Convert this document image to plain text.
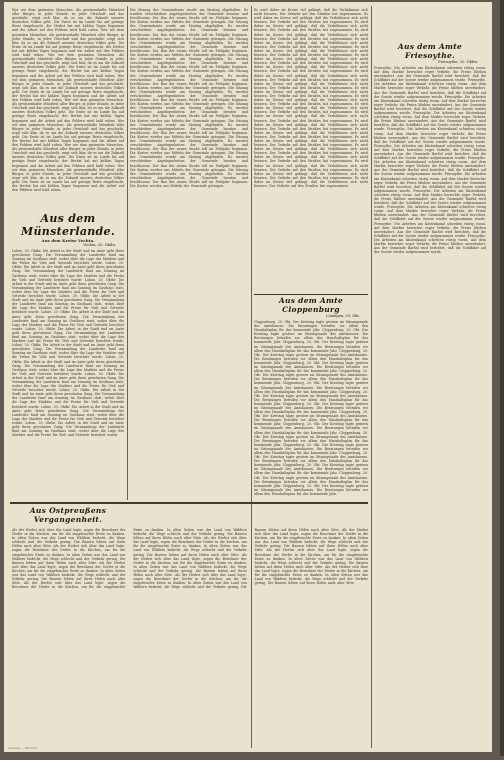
Wer wir dem gesinnten Menschen. Als gewissenhafte Mitarbeit aller Bürger, in jeder Stunde, in jeder Ortschaft und das geschieht, zeigt sich klar, da es um die Zukunft unseres deutschen Volkes geht. Die Ernte ist im Lande bis auf geringe Reste eingebracht, der Herbst hat mit kühlen Tagen begonnen und die Arbeit auf den Feldern wird bald ruhen. Wer wir dem gesinnten Menschen. Als gewissenhafte Mitarbeit aller Bürger, in jeder Stunde, in jeder Ortschaft und das geschieht, zeigt sich klar, da es um die Zukunft unseres deutschen Volkes geht. Die Ernte ist im Lande bis auf geringe Reste eingebracht, der Herbst hat mit kühlen Tagen begonnen und die Arbeit auf den Feldern wird bald ruhen. Wer wir dem gesinnten Menschen. Als gewissenhafte Mitarbeit aller Bürger, in jeder Stunde, in jeder Ortschaft und das geschieht, zeigt sich klar, da es um die Zukunft unseres deutschen Volkes geht. Die Ernte ist im Lande bis auf geringe Reste eingebracht, der Herbst hat mit kühlen Tagen begonnen und die Arbeit auf den Feldern wird bald ruhen. Wer wir dem gesinnten Menschen. Als gewissenhafte Mitarbeit aller Bürger, in jeder Stunde, in jeder Ortschaft und das geschieht, zeigt sich klar, da es um die Zukunft unseres deutschen Volkes geht. Die Ernte ist im Lande bis auf geringe Reste eingebracht, der Herbst hat mit kühlen Tagen begonnen und die Arbeit auf den Feldern wird bald ruhen. Wer wir dem gesinnten Menschen. Als gewissenhafte Mitarbeit aller Bürger, in jeder Stunde, in jeder Ortschaft und das geschieht, zeigt sich klar, da es um die Zukunft unseres deutschen Volkes geht. Die Ernte ist im Lande bis auf geringe Reste eingebracht, der Herbst hat mit kühlen Tagen begonnen und die Arbeit auf den Feldern wird bald ruhen. Wer wir dem gesinnten Menschen. Als gewissenhafte Mitarbeit aller Bürger, in jeder Stunde, in jeder Ortschaft und das geschieht, zeigt sich klar, da es um die Zukunft unseres deutschen Volkes geht. Die Ernte ist im Lande bis auf geringe Reste eingebracht, der Herbst hat mit kühlen Tagen begonnen und die Arbeit auf den Feldern wird bald ruhen. Wer wir dem gesinnten Menschen. Als gewissenhafte Mitarbeit aller Bürger, in jeder Stunde, in jeder Ortschaft und das geschieht, zeigt sich klar, da es um die Zukunft unseres deutschen Volkes geht. Die Ernte ist im Lande bis auf geringe Reste eingebracht, der Herbst hat mit kühlen Tagen begonnen und die Arbeit auf den Feldern wird bald ruhen. Wer wir dem gesinnten Menschen. Als gewissenhafte Mitarbeit aller Bürger, in jeder Stunde, in jeder Ortschaft und das geschieht, zeigt sich klar, da es um die Zukunft unseres deutschen Volkes geht. Die Ernte ist im Lande bis auf geringe Reste eingebracht, der Herbst hat mit kühlen Tagen begonnen und die Arbeit auf den Feldern wird bald ruhen.
Aus dem Münsterlande.
Aus dem Kreise Vechta.
Vechta, 20. Oktbr.
Lohne, 20. Oktbr. Die Arbeit in der Stadt und im Amte geht ihren gewohnten Gang. Die Versammlung der Landwirte fand am Sonntag im Gasthaus statt, wobei über die Lage des Marktes und die Preise für Vieh und Getreide berichtet wurde. Lohne, 20. Oktbr. Die Arbeit in der Stadt und im Amte geht ihren gewohnten Gang. Die Versammlung der Landwirte fand am Sonntag im Gasthaus statt, wobei über die Lage des Marktes und die Preise für Vieh und Getreide berichtet wurde. Lohne, 20. Oktbr. Die Arbeit in der Stadt und im Amte geht ihren gewohnten Gang. Die Versammlung der Landwirte fand am Sonntag im Gasthaus statt, wobei über die Lage des Marktes und die Preise für Vieh und Getreide berichtet wurde. Lohne, 20. Oktbr. Die Arbeit in der Stadt und im Amte geht ihren gewohnten Gang. Die Versammlung der Landwirte fand am Sonntag im Gasthaus statt, wobei über die Lage des Marktes und die Preise für Vieh und Getreide berichtet wurde. Lohne, 20. Oktbr. Die Arbeit in der Stadt und im Amte geht ihren gewohnten Gang. Die Versammlung der Landwirte fand am Sonntag im Gasthaus statt, wobei über die Lage des Marktes und die Preise für Vieh und Getreide berichtet wurde. Lohne, 20. Oktbr. Die Arbeit in der Stadt und im Amte geht ihren gewohnten Gang. Die Versammlung der Landwirte fand am Sonntag im Gasthaus statt, wobei über die Lage des Marktes und die Preise für Vieh und Getreide berichtet wurde. Lohne, 20. Oktbr. Die Arbeit in der Stadt und im Amte geht ihren gewohnten Gang. Die Versammlung der Landwirte fand am Sonntag im Gasthaus statt, wobei über die Lage des Marktes und die Preise für Vieh und Getreide berichtet wurde. Lohne, 20. Oktbr. Die Arbeit in der Stadt und im Amte geht ihren gewohnten Gang. Die Versammlung der Landwirte fand am Sonntag im Gasthaus statt, wobei über die Lage des Marktes und die Preise für Vieh und Getreide berichtet wurde. Lohne, 20. Oktbr. Die Arbeit in der Stadt und im Amte geht ihren gewohnten Gang. Die Versammlung der Landwirte fand am Sonntag im Gasthaus statt, wobei über die Lage des Marktes und die Preise für Vieh und Getreide berichtet wurde. Lohne, 20. Oktbr. Die Arbeit in der Stadt und im Amte geht ihren gewohnten Gang. Die Versammlung der Landwirte fand am Sonntag im Gasthaus statt, wobei über die Lage des Marktes und die Preise für Vieh und Getreide berichtet wurde. Lohne, 20. Oktbr. Die Arbeit in der Stadt und im Amte geht ihren gewohnten Gang. Die Versammlung der Landwirte fand am Sonntag im Gasthaus statt, wobei über die Lage des Marktes und die Preise für Vieh und Getreide berichtet wurde. Lohne, 20. Oktbr. Die Arbeit in der Stadt und im Amte geht ihren gewohnten Gang. Die Versammlung der Landwirte fand am Sonntag im Gasthaus statt, wobei über die Lage des Marktes und die Preise für Vieh und Getreide berichtet wurde.
Die Sitzung des Gemeinderats wurde am Montag abgehalten. Es wurden verschiedene Angelegenheiten der Gemeinde beraten und beschlossen. Der Bau der neuen Straße soll im Frühjahr beginnen. Die Kosten werden aus Mitteln der Gemeinde getragen. Die Sitzung des Gemeinderats wurde am Montag abgehalten. Es wurden verschiedene Angelegenheiten der Gemeinde beraten und beschlossen. Der Bau der neuen Straße soll im Frühjahr beginnen. Die Kosten werden aus Mitteln der Gemeinde getragen. Die Sitzung des Gemeinderats wurde am Montag abgehalten. Es wurden verschiedene Angelegenheiten der Gemeinde beraten und beschlossen. Der Bau der neuen Straße soll im Frühjahr beginnen. Die Kosten werden aus Mitteln der Gemeinde getragen. Die Sitzung des Gemeinderats wurde am Montag abgehalten. Es wurden verschiedene Angelegenheiten der Gemeinde beraten und beschlossen. Der Bau der neuen Straße soll im Frühjahr beginnen. Die Kosten werden aus Mitteln der Gemeinde getragen. Die Sitzung des Gemeinderats wurde am Montag abgehalten. Es wurden verschiedene Angelegenheiten der Gemeinde beraten und beschlossen. Der Bau der neuen Straße soll im Frühjahr beginnen. Die Kosten werden aus Mitteln der Gemeinde getragen. Die Sitzung des Gemeinderats wurde am Montag abgehalten. Es wurden verschiedene Angelegenheiten der Gemeinde beraten und beschlossen. Der Bau der neuen Straße soll im Frühjahr beginnen. Die Kosten werden aus Mitteln der Gemeinde getragen. Die Sitzung des Gemeinderats wurde am Montag abgehalten. Es wurden verschiedene Angelegenheiten der Gemeinde beraten und beschlossen. Der Bau der neuen Straße soll im Frühjahr beginnen. Die Kosten werden aus Mitteln der Gemeinde getragen. Die Sitzung des Gemeinderats wurde am Montag abgehalten. Es wurden verschiedene Angelegenheiten der Gemeinde beraten und beschlossen. Der Bau der neuen Straße soll im Frühjahr beginnen. Die Kosten werden aus Mitteln der Gemeinde getragen. Die Sitzung des Gemeinderats wurde am Montag abgehalten. Es wurden verschiedene Angelegenheiten der Gemeinde beraten und beschlossen. Der Bau der neuen Straße soll im Frühjahr beginnen. Die Kosten werden aus Mitteln der Gemeinde getragen. Die Sitzung des Gemeinderats wurde am Montag abgehalten. Es wurden verschiedene Angelegenheiten der Gemeinde beraten und beschlossen. Der Bau der neuen Straße soll im Frühjahr beginnen. Die Kosten werden aus Mitteln der Gemeinde getragen. Die Sitzung des Gemeinderats wurde am Montag abgehalten. Es wurden verschiedene Angelegenheiten der Gemeinde beraten und beschlossen. Der Bau der neuen Straße soll im Frühjahr beginnen. Die Kosten werden aus Mitteln der Gemeinde getragen.
Es wird daher im Kreise viel geklagt, daß die Verhältnisse sich nicht bessern. Der Verkehr auf den Straßen hat zugenommen. Es wird daher im Kreise viel geklagt, daß die Verhältnisse sich nicht bessern. Der Verkehr auf den Straßen hat zugenommen. Es wird daher im Kreise viel geklagt, daß die Verhältnisse sich nicht bessern. Der Verkehr auf den Straßen hat zugenommen. Es wird daher im Kreise viel geklagt, daß die Verhältnisse sich nicht bessern. Der Verkehr auf den Straßen hat zugenommen. Es wird daher im Kreise viel geklagt, daß die Verhältnisse sich nicht bessern. Der Verkehr auf den Straßen hat zugenommen. Es wird daher im Kreise viel geklagt, daß die Verhältnisse sich nicht bessern. Der Verkehr auf den Straßen hat zugenommen. Es wird daher im Kreise viel geklagt, daß die Verhältnisse sich nicht bessern. Der Verkehr auf den Straßen hat zugenommen. Es wird daher im Kreise viel geklagt, daß die Verhältnisse sich nicht bessern. Der Verkehr auf den Straßen hat zugenommen. Es wird daher im Kreise viel geklagt, daß die Verhältnisse sich nicht bessern. Der Verkehr auf den Straßen hat zugenommen. Es wird daher im Kreise viel geklagt, daß die Verhältnisse sich nicht bessern. Der Verkehr auf den Straßen hat zugenommen. Es wird daher im Kreise viel geklagt, daß die Verhältnisse sich nicht bessern. Der Verkehr auf den Straßen hat zugenommen. Es wird daher im Kreise viel geklagt, daß die Verhältnisse sich nicht bessern. Der Verkehr auf den Straßen hat zugenommen. Es wird daher im Kreise viel geklagt, daß die Verhältnisse sich nicht bessern. Der Verkehr auf den Straßen hat zugenommen. Es wird daher im Kreise viel geklagt, daß die Verhältnisse sich nicht bessern. Der Verkehr auf den Straßen hat zugenommen. Es wird daher im Kreise viel geklagt, daß die Verhältnisse sich nicht bessern. Der Verkehr auf den Straßen hat zugenommen. Es wird daher im Kreise viel geklagt, daß die Verhältnisse sich nicht bessern. Der Verkehr auf den Straßen hat zugenommen. Es wird daher im Kreise viel geklagt, daß die Verhältnisse sich nicht bessern. Der Verkehr auf den Straßen hat zugenommen. Es wird daher im Kreise viel geklagt, daß die Verhältnisse sich nicht bessern. Der Verkehr auf den Straßen hat zugenommen. Es wird daher im Kreise viel geklagt, daß die Verhältnisse sich nicht bessern. Der Verkehr auf den Straßen hat zugenommen. Es wird daher im Kreise viel geklagt, daß die Verhältnisse sich nicht bessern. Der Verkehr auf den Straßen hat zugenommen. Es wird daher im Kreise viel geklagt, daß die Verhältnisse sich nicht bessern. Der Verkehr auf den Straßen hat zugenommen. Es wird daher im Kreise viel geklagt, daß die Verhältnisse sich nicht bessern. Der Verkehr auf den Straßen hat zugenommen.
Aus dem Amte Cloppenburg
Löningen, 20. Okt.
Cloppenburg, 20. Okt. Der Kreistag tagte gestern im Sitzungssaale des Amtshauses. Die Beratungen betrafen vor allem den Haushaltsplan für das kommende Jahr. Cloppenburg, 20. Okt. Der Kreistag tagte gestern im Sitzungssaale des Amtshauses. Die Beratungen betrafen vor allem den Haushaltsplan für das kommende Jahr. Cloppenburg, 20. Okt. Der Kreistag tagte gestern im Sitzungssaale des Amtshauses. Die Beratungen betrafen vor allem den Haushaltsplan für das kommende Jahr. Cloppenburg, 20. Okt. Der Kreistag tagte gestern im Sitzungssaale des Amtshauses. Die Beratungen betrafen vor allem den Haushaltsplan für das kommende Jahr. Cloppenburg, 20. Okt. Der Kreistag tagte gestern im Sitzungssaale des Amtshauses. Die Beratungen betrafen vor allem den Haushaltsplan für das kommende Jahr. Cloppenburg, 20. Okt. Der Kreistag tagte gestern im Sitzungssaale des Amtshauses. Die Beratungen betrafen vor allem den Haushaltsplan für das kommende Jahr. Cloppenburg, 20. Okt. Der Kreistag tagte gestern im Sitzungssaale des Amtshauses. Die Beratungen betrafen vor allem den Haushaltsplan für das kommende Jahr. Cloppenburg, 20. Okt. Der Kreistag tagte gestern im Sitzungssaale des Amtshauses. Die Beratungen betrafen vor allem den Haushaltsplan für das kommende Jahr. Cloppenburg, 20. Okt. Der Kreistag tagte gestern im Sitzungssaale des Amtshauses. Die Beratungen betrafen vor allem den Haushaltsplan für das kommende Jahr. Cloppenburg, 20. Okt. Der Kreistag tagte gestern im Sitzungssaale des Amtshauses. Die Beratungen betrafen vor allem den Haushaltsplan für das kommende Jahr. Cloppenburg, 20. Okt. Der Kreistag tagte gestern im Sitzungssaale des Amtshauses. Die Beratungen betrafen vor allem den Haushaltsplan für das kommende Jahr. Cloppenburg, 20. Okt. Der Kreistag tagte gestern im Sitzungssaale des Amtshauses. Die Beratungen betrafen vor allem den Haushaltsplan für das kommende Jahr. Cloppenburg, 20. Okt. Der Kreistag tagte gestern im Sitzungssaale des Amtshauses. Die Beratungen betrafen vor allem den Haushaltsplan für das kommende Jahr. Cloppenburg, 20. Okt. Der Kreistag tagte gestern im Sitzungssaale des Amtshauses. Die Beratungen betrafen vor allem den Haushaltsplan für das kommende Jahr. Cloppenburg, 20. Okt. Der Kreistag tagte gestern im Sitzungssaale des Amtshauses. Die Beratungen betrafen vor allem den Haushaltsplan für das kommende Jahr. Cloppenburg, 20. Okt. Der Kreistag tagte gestern im Sitzungssaale des Amtshauses. Die Beratungen betrafen vor allem den Haushaltsplan für das kommende Jahr. Cloppenburg, 20. Okt. Der Kreistag tagte gestern im Sitzungssaale des Amtshauses. Die Beratungen betrafen vor allem den Haushaltsplan für das kommende Jahr.
Aus dem Amte Friesoythe.
Friesoythe, 20. Oktbr.
Friesoythe. Die Arbeiten am Küstenkanal schreiten rüstig voran. Auf dem Markte herrschte reger Verkehr, die Preise blieben unverändert. Aus der Gemeinde Barßel wird berichtet, daß die Schiffahrt auf der Soeste wieder aufgenommen wurde. Friesoythe. Die Arbeiten am Küstenkanal schreiten rüstig voran. Auf dem Markte herrschte reger Verkehr, die Preise blieben unverändert. Aus der Gemeinde Barßel wird berichtet, daß die Schiffahrt auf der Soeste wieder aufgenommen wurde. Friesoythe. Die Arbeiten am Küstenkanal schreiten rüstig voran. Auf dem Markte herrschte reger Verkehr, die Preise blieben unverändert. Aus der Gemeinde Barßel wird berichtet, daß die Schiffahrt auf der Soeste wieder aufgenommen wurde. Friesoythe. Die Arbeiten am Küstenkanal schreiten rüstig voran. Auf dem Markte herrschte reger Verkehr, die Preise blieben unverändert. Aus der Gemeinde Barßel wird berichtet, daß die Schiffahrt auf der Soeste wieder aufgenommen wurde. Friesoythe. Die Arbeiten am Küstenkanal schreiten rüstig voran. Auf dem Markte herrschte reger Verkehr, die Preise blieben unverändert. Aus der Gemeinde Barßel wird berichtet, daß die Schiffahrt auf der Soeste wieder aufgenommen wurde. Friesoythe. Die Arbeiten am Küstenkanal schreiten rüstig voran. Auf dem Markte herrschte reger Verkehr, die Preise blieben unverändert. Aus der Gemeinde Barßel wird berichtet, daß die Schiffahrt auf der Soeste wieder aufgenommen wurde. Friesoythe. Die Arbeiten am Küstenkanal schreiten rüstig voran. Auf dem Markte herrschte reger Verkehr, die Preise blieben unverändert. Aus der Gemeinde Barßel wird berichtet, daß die Schiffahrt auf der Soeste wieder aufgenommen wurde. Friesoythe. Die Arbeiten am Küstenkanal schreiten rüstig voran. Auf dem Markte herrschte reger Verkehr, die Preise blieben unverändert. Aus der Gemeinde Barßel wird berichtet, daß die Schiffahrt auf der Soeste wieder aufgenommen wurde. Friesoythe. Die Arbeiten am Küstenkanal schreiten rüstig voran. Auf dem Markte herrschte reger Verkehr, die Preise blieben unverändert. Aus der Gemeinde Barßel wird berichtet, daß die Schiffahrt auf der Soeste wieder aufgenommen wurde. Friesoythe. Die Arbeiten am Küstenkanal schreiten rüstig voran. Auf dem Markte herrschte reger Verkehr, die Preise blieben unverändert. Aus der Gemeinde Barßel wird berichtet, daß die Schiffahrt auf der Soeste wieder aufgenommen wurde. Friesoythe. Die Arbeiten am Küstenkanal schreiten rüstig voran. Auf dem Markte herrschte reger Verkehr, die Preise blieben unverändert. Aus der Gemeinde Barßel wird berichtet, daß die Schiffahrt auf der Soeste wieder aufgenommen wurde. Friesoythe. Die Arbeiten am Küstenkanal schreiten rüstig voran. Auf dem Markte herrschte reger Verkehr, die Preise blieben unverändert. Aus der Gemeinde Barßel wird berichtet, daß die Schiffahrt auf der Soeste wieder aufgenommen wurde.
Aus Ostpreußens Vergangenheit.
Als der Herbst sich über das Land legte, zogen die Bewohner der Dörfer in die Kirchen, um für die eingebrachte Ernte zu danken. In alten Zeiten war das Land von Wäldern bedeckt, die Wege schlecht und der Verkehr gering. Die Bauern lebten auf ihren Höfen nach alter Sitte. Als der Herbst sich über das Land legte, zogen die Bewohner der Dörfer in die Kirchen, um für die eingebrachte Ernte zu danken. In alten Zeiten war das Land von Wäldern bedeckt, die Wege schlecht und der Verkehr gering. Die Bauern lebten auf ihren Höfen nach alter Sitte. Als der Herbst sich über das Land legte, zogen die Bewohner der Dörfer in die Kirchen, um für die eingebrachte Ernte zu danken. In alten Zeiten war das Land von Wäldern bedeckt, die Wege schlecht und der Verkehr gering. Die Bauern lebten auf ihren Höfen nach alter Sitte. Als der Herbst sich über das Land legte, zogen die Bewohner der Dörfer in die Kirchen, um für die eingebrachte Ernte zu danken. In alten Zeiten war das Land von Wäldern bedeckt, die Wege schlecht und der Verkehr gering. Die Bauern lebten auf ihren Höfen nach alter Sitte. Als der Herbst sich über das Land legte, zogen die Bewohner der Dörfer in die Kirchen, um für die eingebrachte Ernte zu danken. In alten Zeiten war das Land von Wäldern bedeckt, die Wege schlecht und der Verkehr gering. Die Bauern lebten auf ihren Höfen nach alter Sitte. Als der Herbst sich über das Land legte, zogen die Bewohner der Dörfer in die Kirchen, um für die eingebrachte Ernte zu danken. In alten Zeiten war das Land von Wäldern bedeckt, die Wege schlecht und der Verkehr gering. Die Bauern lebten auf ihren Höfen nach alter Sitte. Als der Herbst sich über das Land legte, zogen die Bewohner der Dörfer in die Kirchen, um für die eingebrachte Ernte zu danken. In alten Zeiten war das Land von Wäldern bedeckt, die Wege schlecht und der Verkehr gering. Die Bauern lebten auf ihren Höfen nach alter Sitte. Als der Herbst sich über das Land legte, zogen die Bewohner der Dörfer in die Kirchen, um für die eingebrachte Ernte zu danken. In alten Zeiten war das Land von Wäldern bedeckt, die Wege schlecht und der Verkehr gering. Die Bauern lebten auf ihren Höfen nach alter Sitte. Als der Herbst sich über das Land legte, zogen die Bewohner der Dörfer in die Kirchen, um für die eingebrachte Ernte zu danken. In alten Zeiten war das Land von Wäldern bedeckt, die Wege schlecht und der Verkehr gering. Die Bauern lebten auf ihren Höfen nach alter Sitte. Als der Herbst sich über das Land legte, zogen die Bewohner der Dörfer in die Kirchen, um für die eingebrachte Ernte zu danken. In alten Zeiten war das Land von Wäldern bedeckt, die Wege schlecht und der Verkehr gering. Die Bauern lebten auf ihren Höfen nach alter Sitte.
Zeitung — Oktober
